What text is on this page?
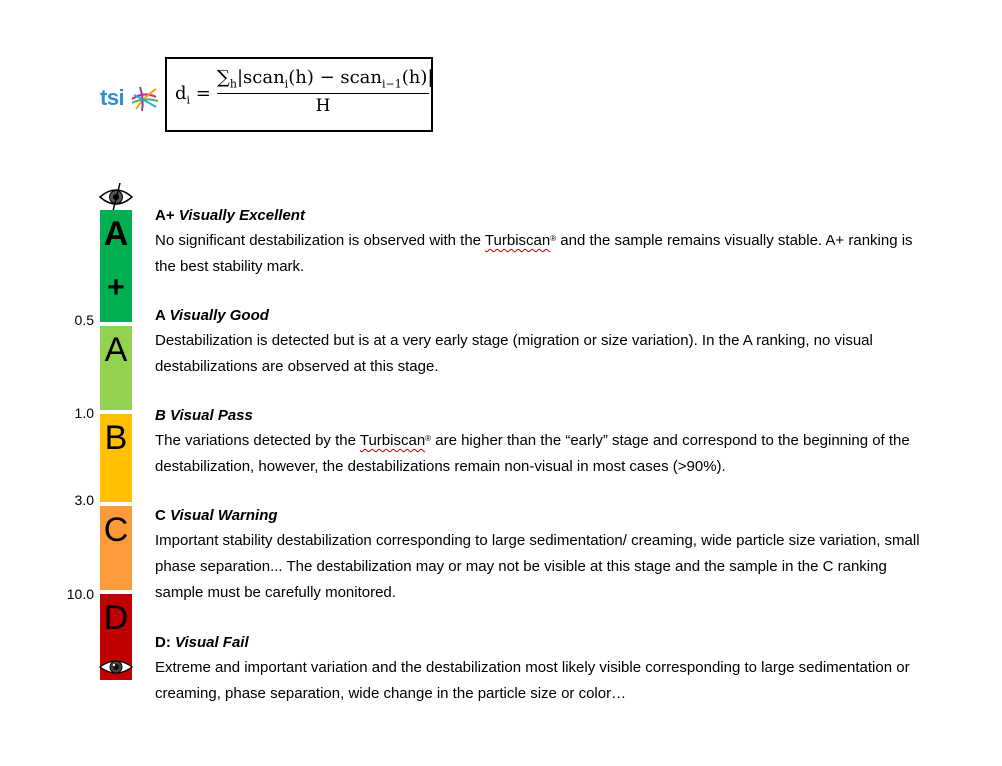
tsi	$d_i$ =
$\sum_h|scan_i(h)$ − scan$_{i-1}$(h)|
H
A
+
A
B
C
D
0.5
1.0
3.0
10.0
A+ Visually Excellent
No significant destabilization is observed with the Turbiscan® and the sample remains visually stable. A+ ranking is the best stability mark.
A Visually Good
Destabilization is detected but is at a very early stage (migration or size variation). In the A ranking, no visual destabilizations are observed at this stage.
B Visual Pass
The variations detected by the Turbiscan® are higher than the “early” stage and correspond to the beginning of the destabilization, however, the destabilizations remain non-visual in most cases (>90%).
C Visual Warning
Important stability destabilization corresponding to large sedimentation/ creaming, wide particle size variation, small phase separation... The destabilization may or may not be visible at this stage and the sample in the C ranking sample must be carefully monitored.
D: Visual Fail
Extreme and important variation and the destabilization most likely visible corresponding to large sedimentation or creaming, phase separation, wide change in the particle size or color…
